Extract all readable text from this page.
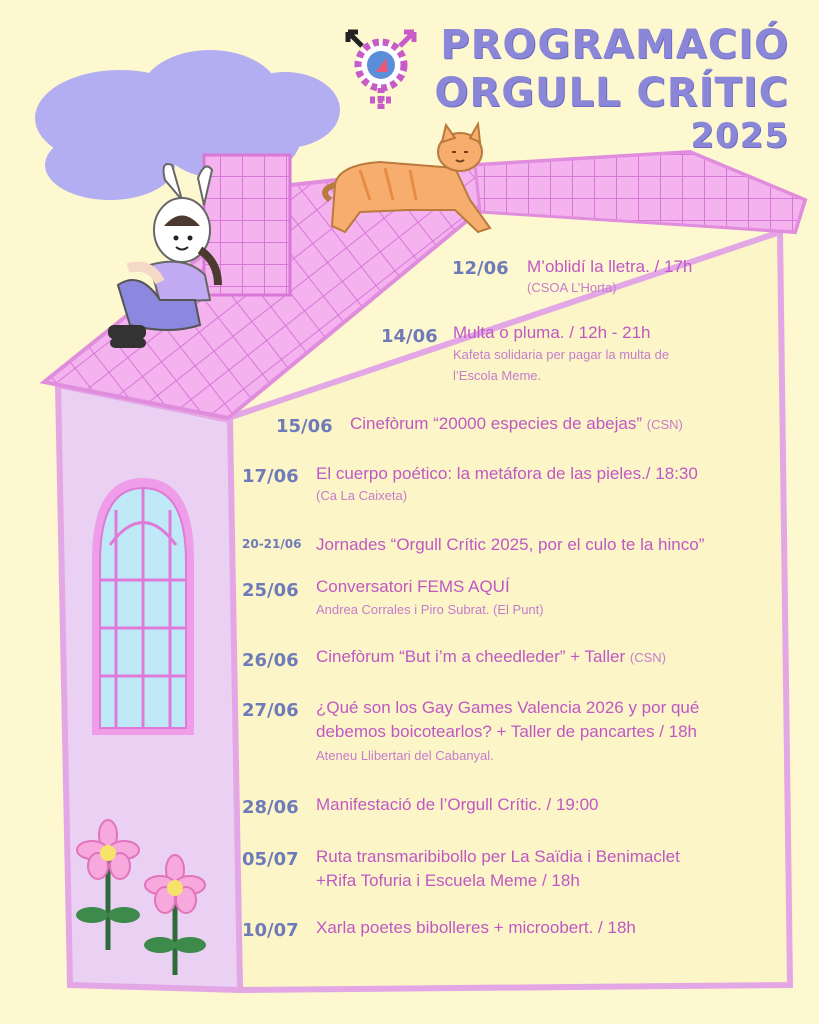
PROGRAMACIÓ
ORGULL CRÍTIC
2025
12/06 M’oblidí la lletra. / 17h
(CSOA L’Horta)
14/06 Multa o pluma. / 12h - 21h
Kafeta solidaria per pagar la multa de
l’Escola Meme.
15/06 Cinefòrum “20000 especies de abejas” (CSN)
17/06 El cuerpo poético: la metáfora de las pieles./ 18:30
(Ca La Caixeta)
20-21/06 Jornades “Orgull Crític 2025, por el culo te la hinco”
25/06 Conversatori FEMS AQUÍ
Andrea Corrales i Piro Subrat. (El Punt)
26/06 Cinefòrum “But i’m a cheedleder” + Taller (CSN)
27/06 ¿Qué son los Gay Games Valencia 2026 y por qué
debemos boicotearlos? + Taller de pancartes / 18h
Ateneu Llibertari del Cabanyal.
28/06 Manifestació de l’Orgull Crític. / 19:00
05/07 Ruta transmaribibollo per La Saïdia i Benimaclet
+Rifa Tofuria i Escuela Meme / 18h
10/07 Xarla poetes bibolleres + microobert. / 18h
